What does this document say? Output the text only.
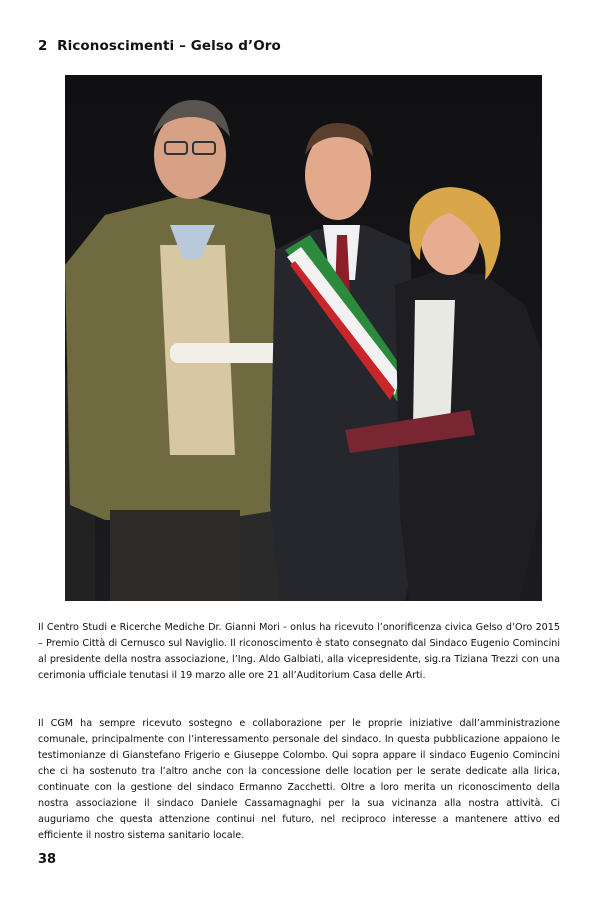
2 Riconoscimenti – Gelso d’Oro

Il Centro Studi e Ricerche Mediche Dr. Gianni Mori - onlus ha ricevuto l’onorificenza civica Gelso d’Oro 2015 – Premio Città di Cernusco sul Naviglio. Il riconoscimento è stato consegnato dal Sindaco Eugenio Comincini al presidente della nostra associazione, l’Ing. Aldo Galbiati, alla vicepresidente, sig.ra Tiziana Trezzi con una cerimonia ufficiale tenutasi il 19 marzo alle ore 21 all’Auditorium Casa delle Arti.

Il CGM ha sempre ricevuto sostegno e collaborazione per le proprie iniziative dall’amministrazione comunale, principalmente con l’interessamento personale del sindaco. In questa pubblicazione appaiono le testimonianze di Gianstefano Frigerio e Giuseppe Colombo. Qui sopra appare il sindaco Eugenio Comincini che ci ha sostenuto tra l’altro anche con la concessione delle location per le serate dedicate alla lirica, continuate con la gestione del sindaco Ermanno Zacchetti. Oltre a loro merita un riconoscimento della nostra associazione il sindaco Daniele Cassamagnaghi per la sua vicinanza alla nostra attività. Ci auguriamo che questa attenzione continui nel futuro, nel reciproco interesse a mantenere attivo ed efficiente il nostro sistema sanitario locale.

38
